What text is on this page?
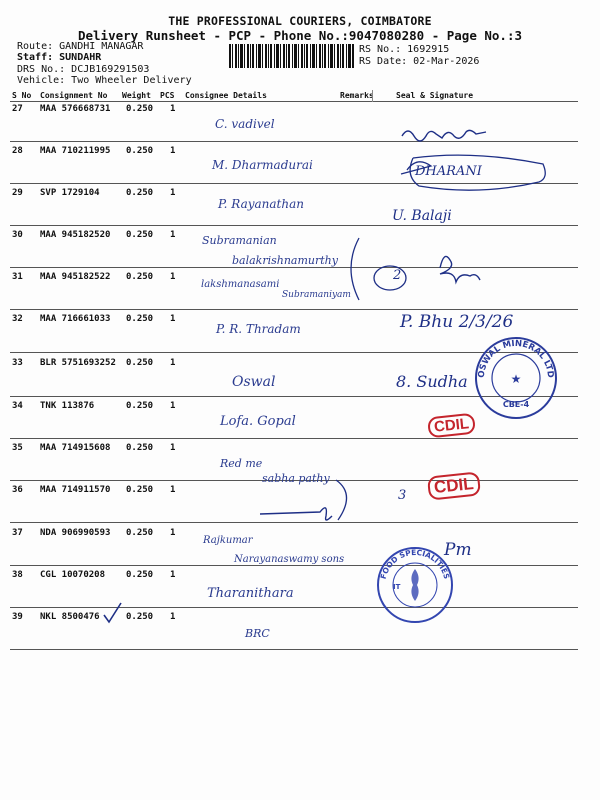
THE PROFESSIONAL COURIERS, COIMBATORE
Delivery Runsheet - PCP - Phone No.:9047080280 - Page No.:3
Route: GANDHI MANAGAR
Staff: SUNDAHR
DRS No.: DCJB169291503
Vehicle: Two Wheeler Delivery
RS No.: 1692915
RS Date: 02-Mar-2026
S No Consignment No Weight PCS Consignee Details	Remarks	Seal & Signature
27 MAA 576668731 0.250 1
C. vadivel
28 MAA 710211995 0.250 1
M. Dharmadurai	DHARANI
29 SVP 1729104	0.250 1
P. Rayanathan
U. Balaji
30 MAA 945182520 0.250 1 Subramanian
balakrishnamurthy
31 MAA 945182522 0.250 1
lakshmanasami
Subramaniyam
2
32 MAA 716661033 0.250 1
P. R. Thradam	P. Bhu 2/3/26
33 BLR 5751693252 0.250 1
Oswal	8. Sudha OSWAL MINERAL LTD
CBE-4
★
34 TNK 113876	0.250 1
Lofa. Gopal	CDIL
35 MAA 714915608 0.250 1
Red me
sabha pathy
36 MAA 714911570 0.250 1	3	CDIL
37 NDA 906990593 0.250 1
Rajkumar
Narayanaswamy sons	Pm
FOOD SPECIALITIES
IT
38 CGL 10070208 0.250 1
Tharanithara
39 NKL 8500476	0.250 1
BRC
